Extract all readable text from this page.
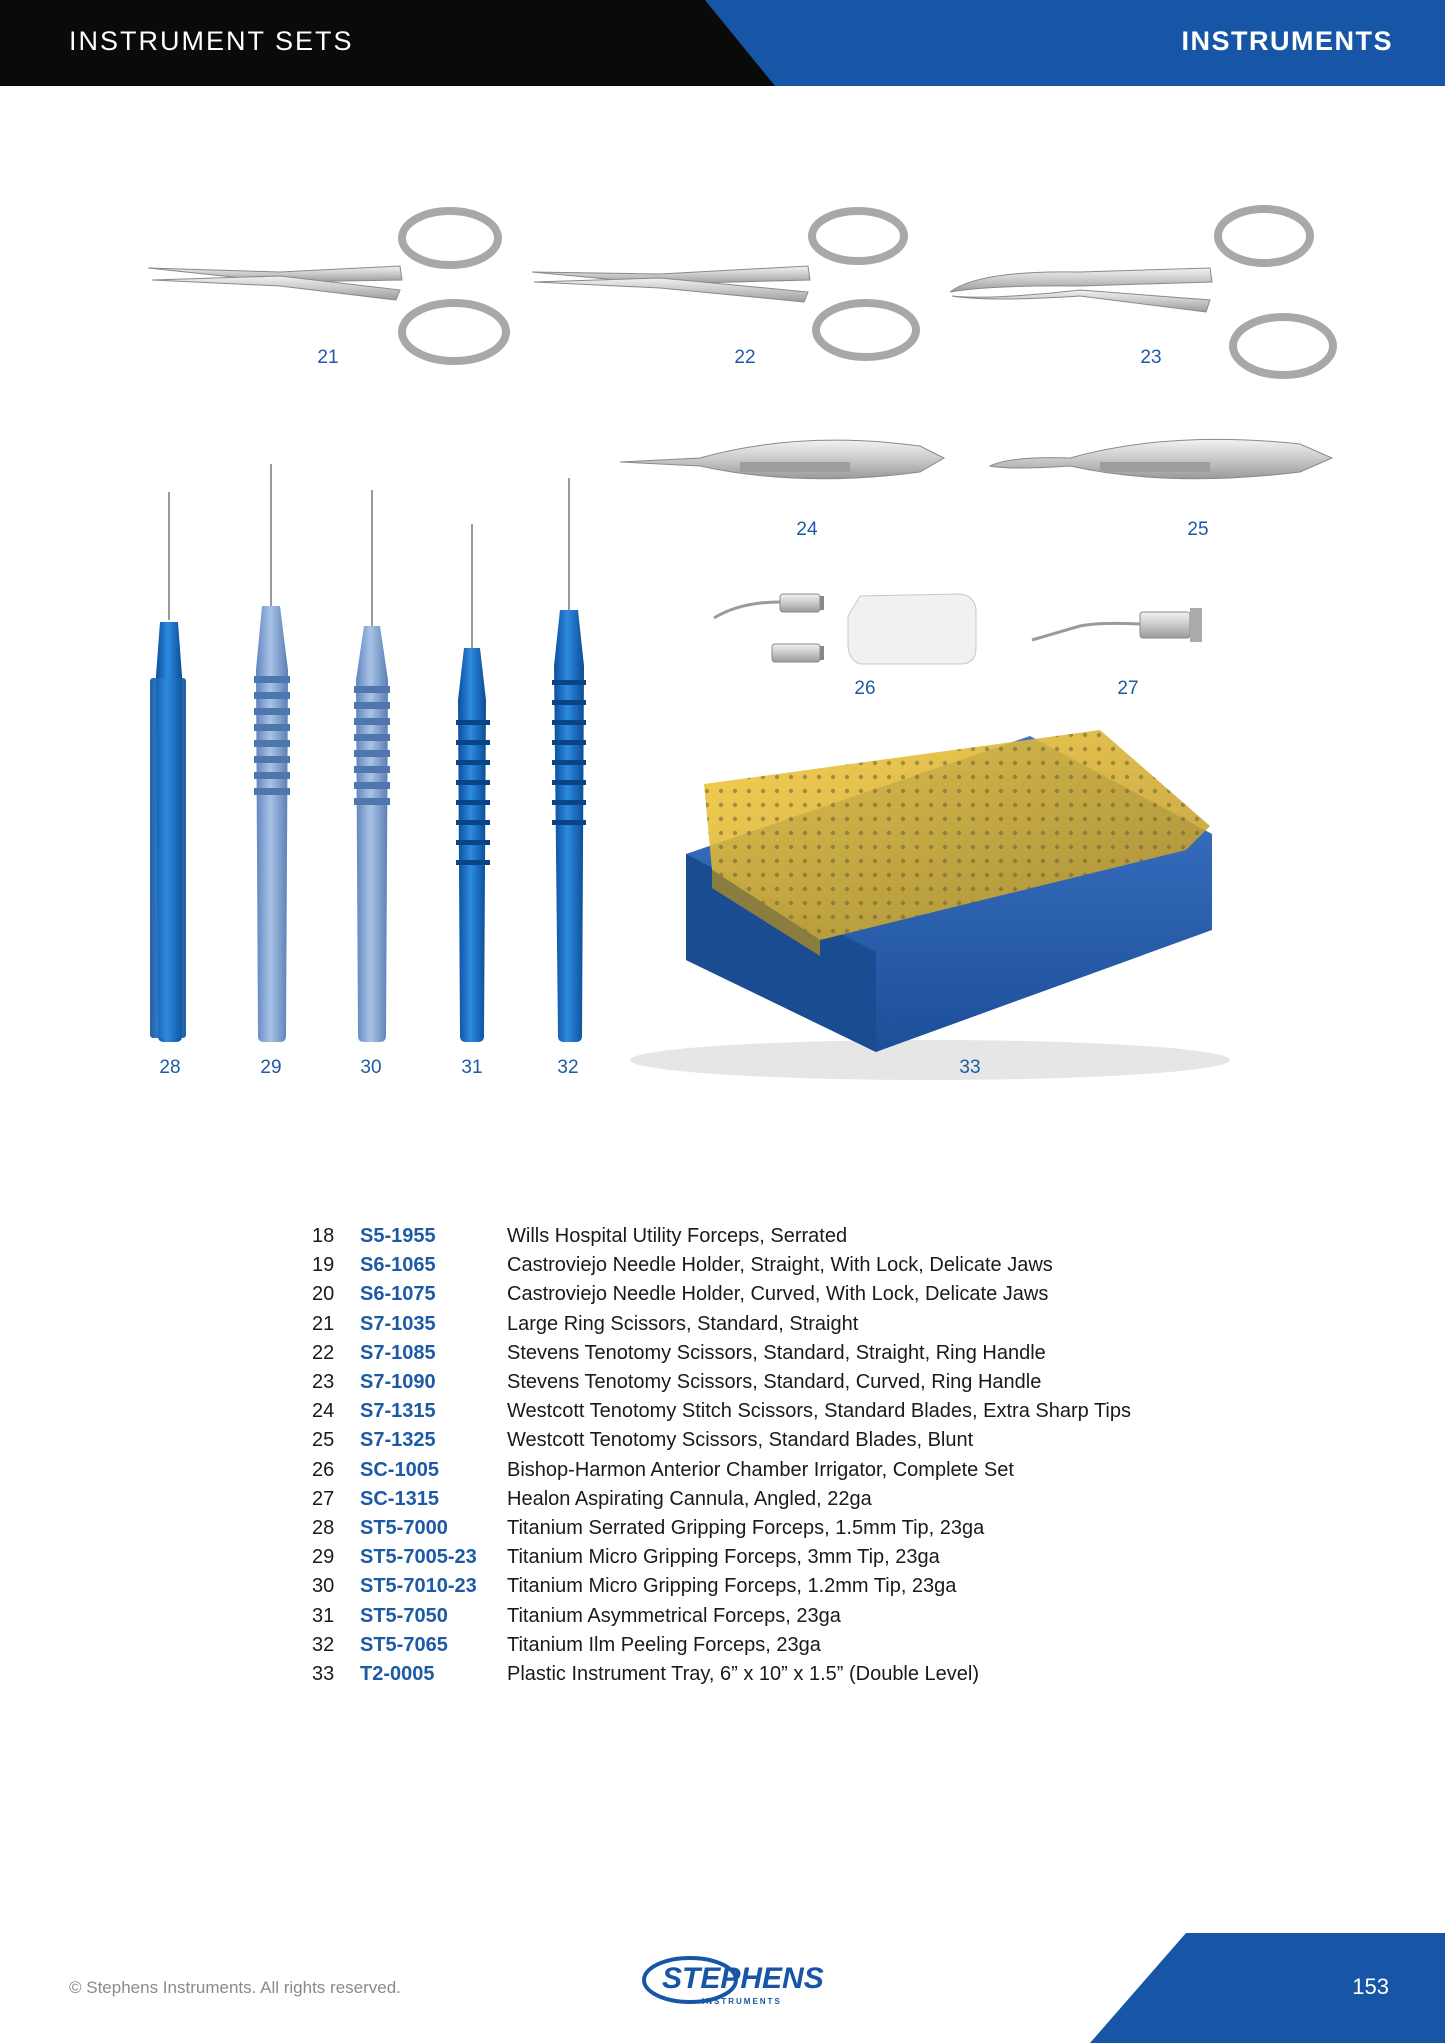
INSTRUMENT SETS	INSTRUMENTS
21	22	23
24	25
26	27
28	29	30	31	32	33
18	S5-1955	Wills Hospital Utility Forceps, Serrated
19	S6-1065	Castroviejo Needle Holder, Straight, With Lock, Delicate Jaws
20	S6-1075	Castroviejo Needle Holder, Curved, With Lock, Delicate Jaws
21	S7-1035	Large Ring Scissors, Standard, Straight
22	S7-1085	Stevens Tenotomy Scissors, Standard, Straight, Ring Handle
23	S7-1090	Stevens Tenotomy Scissors, Standard, Curved, Ring Handle
24	S7-1315	Westcott Tenotomy Stitch Scissors, Standard Blades, Extra Sharp Tips
25	S7-1325	Westcott Tenotomy Scissors, Standard Blades, Blunt
26	SC-1005	Bishop-Harmon Anterior Chamber Irrigator, Complete Set
27	SC-1315	Healon Aspirating Cannula, Angled, 22ga
28	ST5-7000	Titanium Serrated Gripping Forceps, 1.5mm Tip, 23ga
29	ST5-7005-23	Titanium Micro Gripping Forceps, 3mm Tip, 23ga
30	ST5-7010-23	Titanium Micro Gripping Forceps, 1.2mm Tip, 23ga
31	ST5-7050	Titanium Asymmetrical Forceps, 23ga
32	ST5-7065	Titanium Ilm Peeling Forceps, 23ga
33	T2-0005	Plastic Instrument Tray, 6” x 10” x 1.5” (Double Level)
© Stephens Instruments. All rights reserved.	153
STEPHENS
INSTRUMENTS
